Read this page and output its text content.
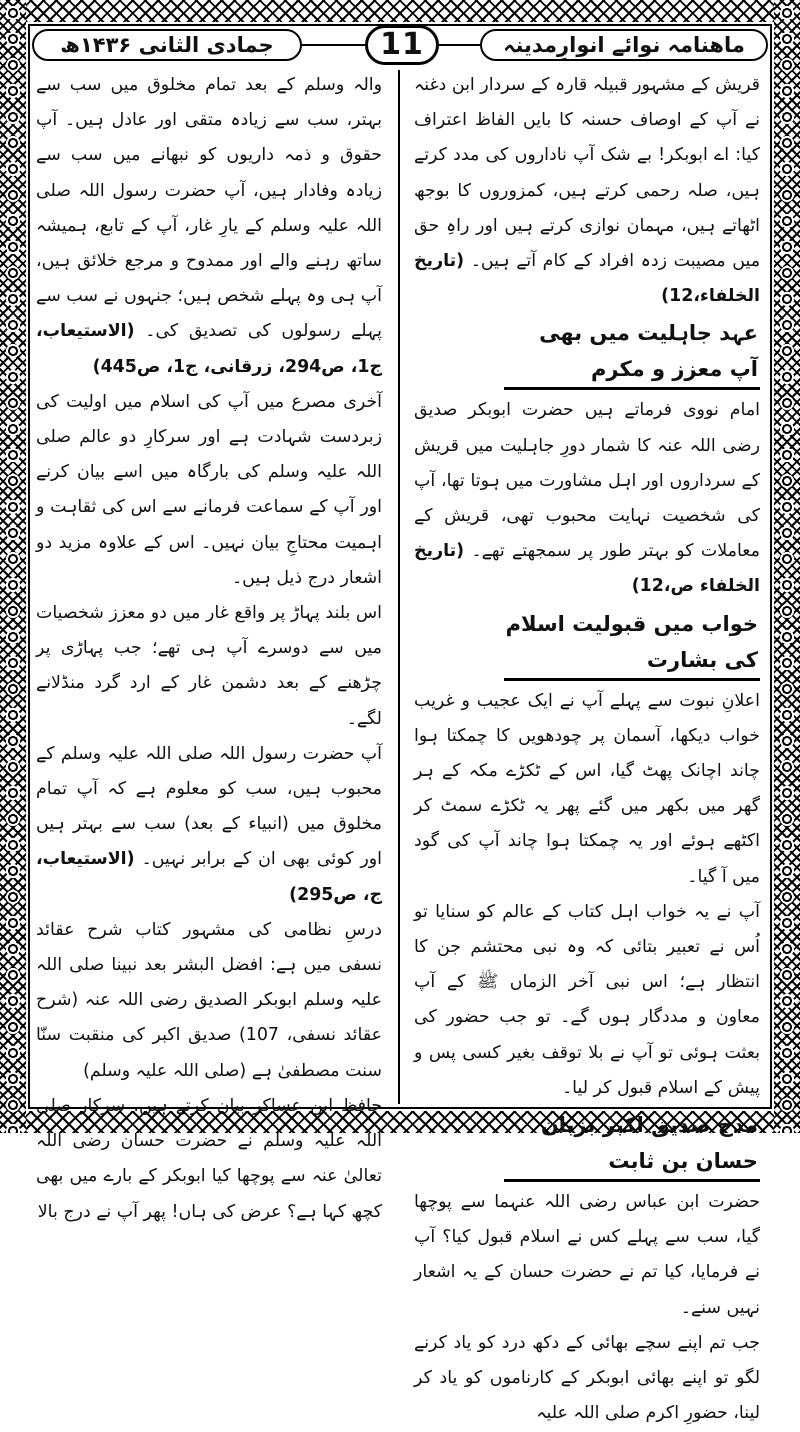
جمادی الثانی ۱۴۳۶ھ	11	ماهنامہ نوائے انوارِمدینہ

قریش کے مشہور قبیلہ قارہ کے سردار ابن دغنہ نے آپ کے اوصاف حسنہ کا بایں الفاظ اعتراف کیا: اے ابوبکر! بے شک آپ ناداروں کی مدد کرتے ہیں، صلہ رحمی کرتے ہیں، کمزوروں کا بوجھ اٹھاتے ہیں، مہمان نوازی کرتے ہیں اور راہِ حق میں مصیبت زدہ افراد کے کام آتے ہیں۔ (تاریخ الخلفاء،12)

عہد جاہلیت میں بھی آپ معزز و مکرم

امام نووی فرماتے ہیں حضرت ابوبکر صدیق رضی اللہ عنہ کا شمار دورِ جاہلیت میں قریش کے سرداروں اور اہل مشاورت میں ہوتا تھا، آپ کی شخصیت نہایت محبوب تھی، قریش کے معاملات کو بہتر طور پر سمجھتے تھے۔ (تاریخ الخلفاء ص،12)

خواب میں قبولیت اسلام کی بشارت

اعلانِ نبوت سے پہلے آپ نے ایک عجیب و غریب خواب دیکھا، آسمان پر چودھویں کا چمکتا ہوا چاند اچانک پھٹ گیا، اس کے ٹکڑے مکہ کے ہر گھر میں بکھر میں گئے پھر یہ ٹکڑے سمٹ کر اکٹھے ہوئے اور یہ چمکتا ہوا چاند آپ کی گود میں آ گیا۔

آپ نے یہ خواب اہل کتاب کے عالم کو سنایا تو اُس نے تعبیر بتائی کہ وہ نبی محتشم جن کا انتظار ہے؛ اس نبی آخر الزماں ﷺ کے آپ معاون و مددگار ہوں گے۔ تو جب حضور کی بعثت ہوئی تو آپ نے بلا توقف بغیر کسی پس و پیش کے اسلام قبول کر لیا۔

مدح صدیق اکبر بزبان حسان بن ثابت

حضرت ابن عباس رضی اللہ عنہما سے پوچھا گیا، سب سے پہلے کس نے اسلام قبول کیا؟ آپ نے فرمایا، کیا تم نے حضرت حسان کے یہ اشعار نہیں سنے۔

جب تم اپنے سچے بھائی کے دکھ درد کو یاد کرنے لگو تو اپنے بھائی ابوبکر کے کارناموں کو یاد کر لینا، حضورِ اکرم صلی اللہ علیہ

والہ وسلم کے بعد تمام مخلوق میں سب سے بہتر، سب سے زیادہ متقی اور عادل ہیں۔ آپ حقوق و ذمہ داریوں کو نبھانے میں سب سے زیادہ وفادار ہیں، آپ حضرت رسول اللہ صلی اللہ علیہ وسلم کے یارِ غار، آپ کے تابع، ہمیشہ ساتھ رہنے والے اور ممدوح و مرجع خلائق ہیں، آپ ہی وہ پہلے شخص ہیں؛ جنہوں نے سب سے پہلے رسولوں کی تصدیق کی۔ (الاستیعاب، ج1، ص294، زرقانی، ج1، ص445)

آخری مصرع میں آپ کی اسلام میں اولیت کی زبردست شہادت ہے اور سرکارِ دو عالم صلی اللہ علیہ وسلم کی بارگاہ میں اسے بیان کرنے اور آپ کے سماعت فرمانے سے اس کی ثقاہت و اہمیت محتاجِ بیان نہیں۔ اس کے علاوہ مزید دو اشعار درج ذیل ہیں۔

اس بلند پہاڑ پر واقع غار میں دو معزز شخصیات میں سے دوسرے آپ ہی تھے؛ جب پہاڑی پر چڑھنے کے بعد دشمن غار کے ارد گرد منڈلانے لگے۔

آپ حضرت رسول اللہ صلی اللہ علیہ وسلم کے محبوب ہیں، سب کو معلوم ہے کہ آپ تمام مخلوق میں (انبیاء کے بعد) سب سے بہتر ہیں اور کوئی بھی ان کے برابر نہیں۔ (الاستیعاب، ج، ص295)

درسِ نظامی کی مشہور کتاب شرح عقائد نسفی میں ہے: افضل البشر بعد نبینا صلی اللہ علیہ وسلم ابوبکر الصدیق رضی اللہ عنہ (شرح عقائد نسفی، 107) صدیق اکبر کی منقبت سنّا سنت مصطفیٰ ہے (صلی اللہ علیہ وسلم)

حافظ ابن عساکر بیان کرتے ہیں، سرکار صلی اللہ علیہ وسلم نے حضرت حسان رضی اللہ تعالیٰ عنہ سے پوچھا کیا ابوبکر کے بارے میں بھی کچھ کہا ہے؟ عرض کی ہاں! پھر آپ نے درج بالا
